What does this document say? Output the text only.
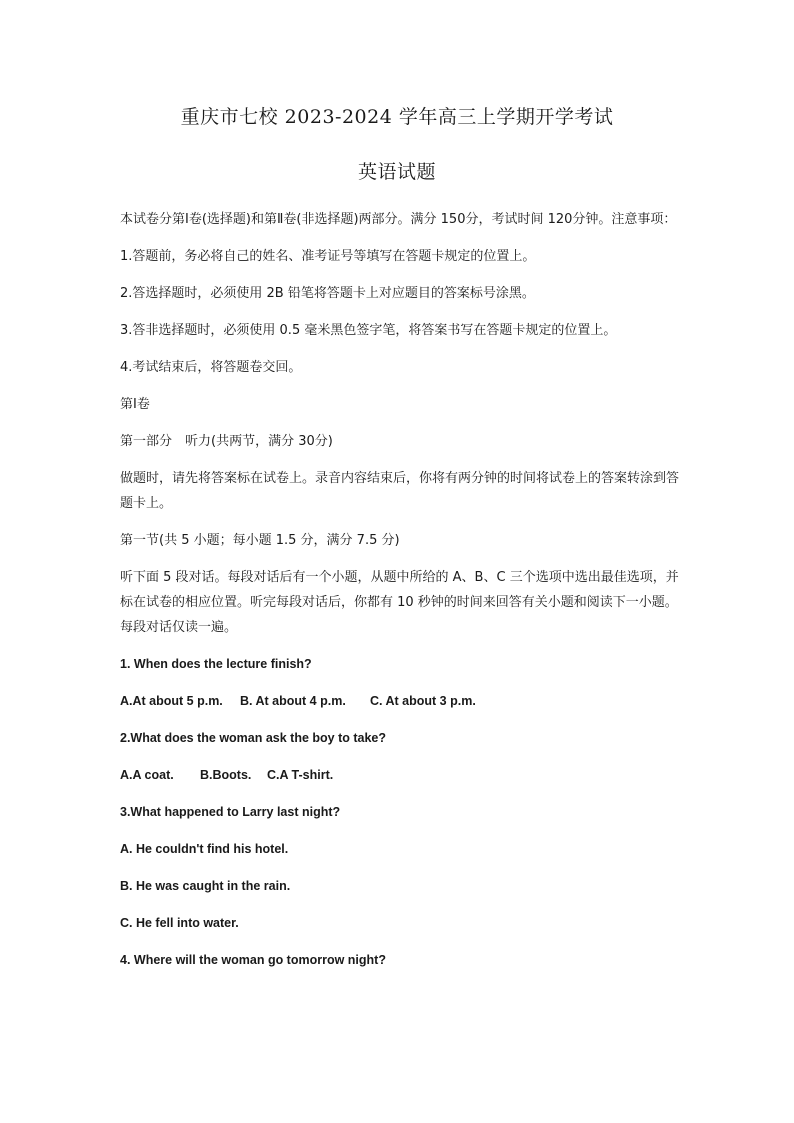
重庆市七校 2023-2024 学年高三上学期开学考试
英语试题

本试卷分第Ⅰ卷(选择题)和第Ⅱ卷(非选择题)两部分。满分 150分，考试时间 120分钟。注意事项：

1.答题前，务必将自己的姓名、准考证号等填写在答题卡规定的位置上。

2.答选择题时，必须使用 2B 铅笔将答题卡上对应题目的答案标号涂黑。

3.答非选择题时，必须使用 0.5 毫米黑色签字笔，将答案书写在答题卡规定的位置上。

4.考试结束后，将答题卷交回。

第Ⅰ卷

第一部分　听力(共两节，满分 30分)

做题时，请先将答案标在试卷上。录音内容结束后，你将有两分钟的时间将试卷上的答案转涂到答题卡上。

第一节(共 5 小题；每小题 1.5 分，满分 7.5 分)

听下面 5 段对话。每段对话后有一个小题，从题中所给的 A、B、C 三个选项中选出最佳选项，并标在试卷的相应位置。听完每段对话后，你都有 10 秒钟的时间来回答有关小题和阅读下一小题。每段对话仅读一遍。

1. When does the lecture finish?
A.At about 5 p.m. B. At about 4 p.m. C. At about 3 p.m.
2.What does the woman ask the boy to take?
A.A coat. B.Boots. C.A T-shirt.
3.What happened to Larry last night?
A. He couldn't find his hotel.
B. He was caught in the rain.
C. He fell into water.
4. Where will the woman go tomorrow night?
